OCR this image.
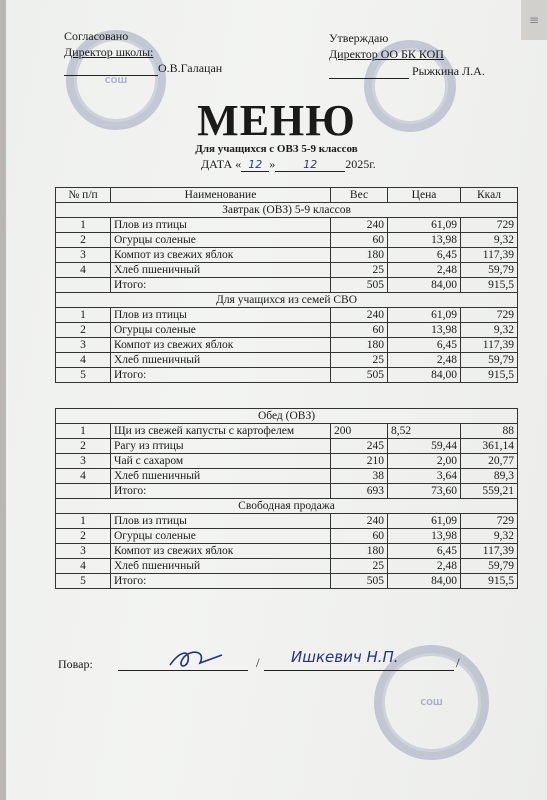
≡
СОШ
СОШ
Согласовано
Директор школы:
О.В.Галацан
Утверждаю
Директор ОО БК КОП
Рыжкина Л.А.
МЕНЮ
Для учащихся с ОВЗ 5-9 классов
ДАТА « 12 »	12 2025г.
№ п/п	Наименование	Вес	Цена	Ккал
Завтрак (ОВЗ) 5-9 классов				
1	Плов из птицы	240	61,09	729
2	Огурцы соленые	60	13,98	9,32
3	Компот из свежих яблок	180	6,45	117,39
4	Хлеб пшеничный	25	2,48	59,79
	Итого:	505	84,00	915,5
Для учащихся из семей СВО				
1	Плов из птицы	240	61,09	729
2	Огурцы соленые	60	13,98	9,32
3	Компот из свежих яблок	180	6,45	117,39
4	Хлеб пшеничный	25	2,48	59,79
5	Итого:	505	84,00	915,5
Обед (ОВЗ)				
1	Щи из свежей капусты с картофелем	200	8,52	88
2	Рагу из птицы	245	59,44	361,14
3	Чай с сахаром	210	2,00	20,77
4	Хлеб пшеничный	38	3,64	89,3
	Итого:	693	73,60	559,21
Свободная продажа				
1	Плов из птицы	240	61,09	729
2	Огурцы соленые	60	13,98	9,32
3	Компот из свежих яблок	180	6,45	117,39
4	Хлеб пшеничный	25	2,48	59,79
5	Итого:	505	84,00	915,5
Повар:	/ Ишкевич Н.П.	/
